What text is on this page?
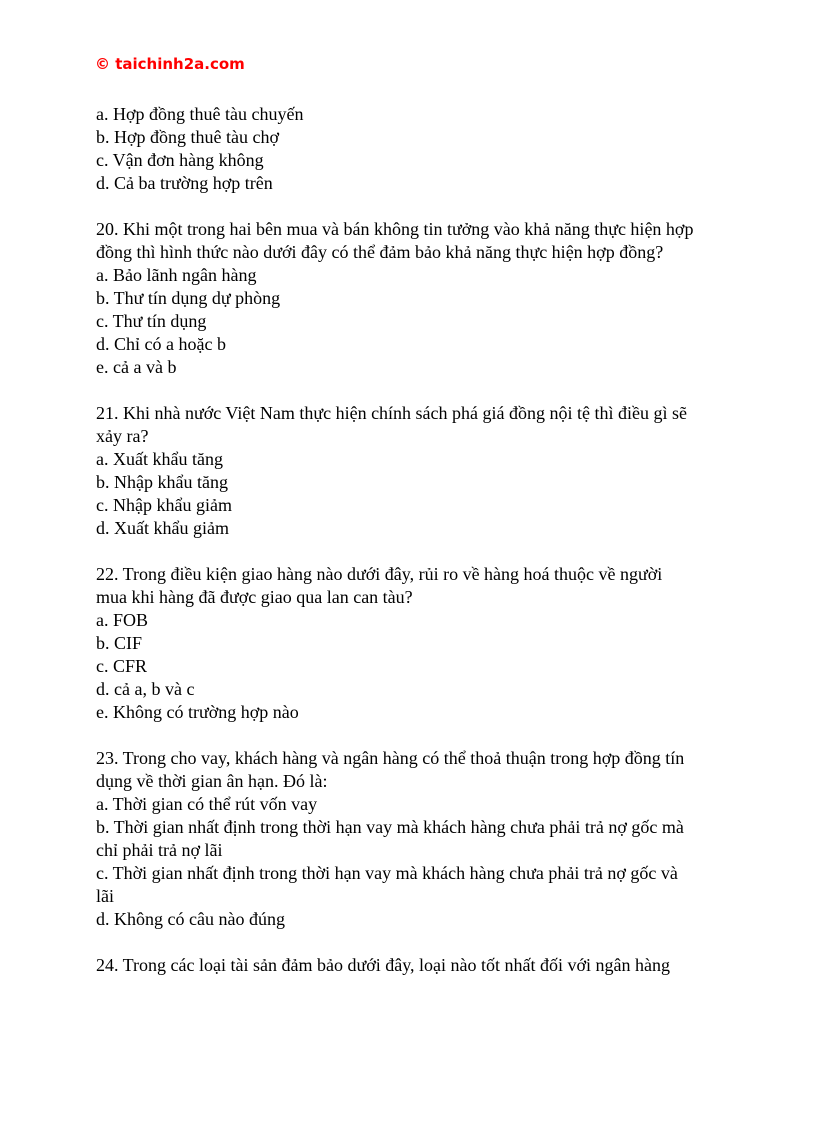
© taichinh2a.com
a. Hợp đồng thuê tàu chuyến
b. Hợp đồng thuê tàu chợ
c. Vận đơn hàng không
d. Cả ba trường hợp trên
20. Khi một trong hai bên mua và bán không tin tưởng vào khả năng thực hiện hợp
đồng thì hình thức nào dưới đây có thể đảm bảo khả năng thực hiện hợp đồng?
a. Bảo lãnh ngân hàng
b. Thư tín dụng dự phòng
c. Thư tín dụng
d. Chỉ có a hoặc b
e. cả a và b
21. Khi nhà nước Việt Nam thực hiện chính sách phá giá đồng nội tệ thì điều gì sẽ
xảy ra?
a. Xuất khẩu tăng
b. Nhập khẩu tăng
c. Nhập khẩu giảm
d. Xuất khẩu giảm
22. Trong điều kiện giao hàng nào dưới đây, rủi ro về hàng hoá thuộc về người
mua khi hàng đã được giao qua lan can tàu?
a. FOB
b. CIF
c. CFR
d. cả a, b và c
e. Không có trường hợp nào
23. Trong cho vay, khách hàng và ngân hàng có thể thoả thuận trong hợp đồng tín
dụng về thời gian ân hạn. Đó là:
a. Thời gian có thể rút vốn vay
b. Thời gian nhất định trong thời hạn vay mà khách hàng chưa phải trả nợ gốc mà
chỉ phải trả nợ lãi
c. Thời gian nhất định trong thời hạn vay mà khách hàng chưa phải trả nợ gốc và
lãi
d. Không có câu nào đúng
24. Trong các loại tài sản đảm bảo dưới đây, loại nào tốt nhất đối với ngân hàng
